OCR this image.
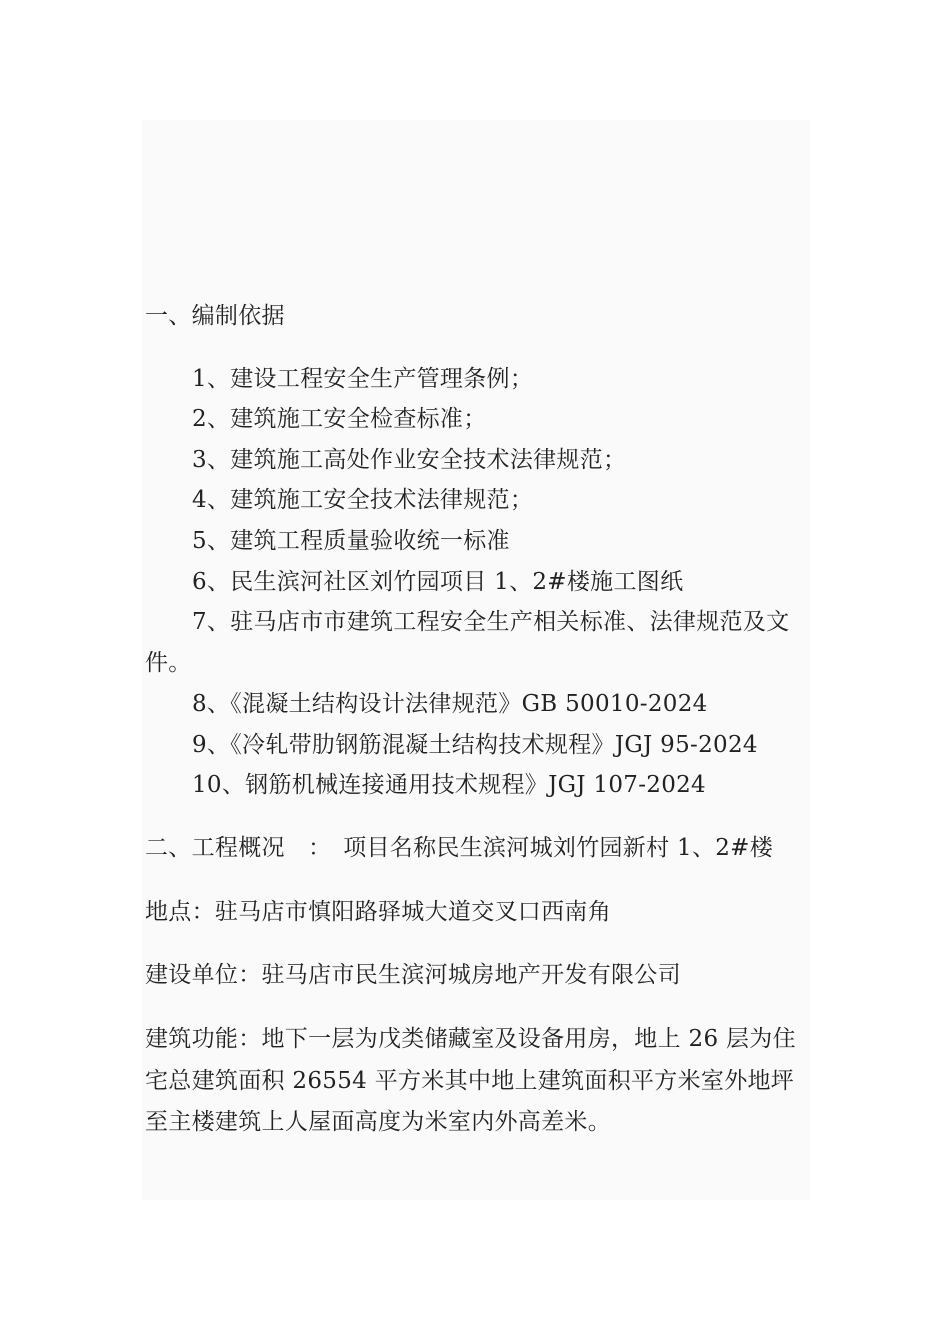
一、编制依据
1、建设工程安全生产管理条例；
2、建筑施工安全检查标准；
3、建筑施工高处作业安全技术法律规范；
4、建筑施工安全技术法律规范；
5、建筑工程质量验收统一标准
6、民生滨河社区刘竹园项目 1、2#楼施工图纸
7、驻马店市市建筑工程安全生产相关标准、法律规范及文
件。
8、《混凝土结构设计法律规范》GB 50010-2024
9、《冷轧带肋钢筋混凝土结构技术规程》JGJ 95-2024
10、钢筋机械连接通用技术规程》JGJ 107-2024
二、工程概况　：　项目名称民生滨河城刘竹园新村 1、2#楼
地点：驻马店市慎阳路驿城大道交叉口西南角
建设单位：驻马店市民生滨河城房地产开发有限公司
建筑功能：地下一层为戊类储藏室及设备用房，地上 26 层为住
宅总建筑面积 26554 平方米其中地上建筑面积平方米室外地坪
至主楼建筑上人屋面高度为米室内外高差米。
